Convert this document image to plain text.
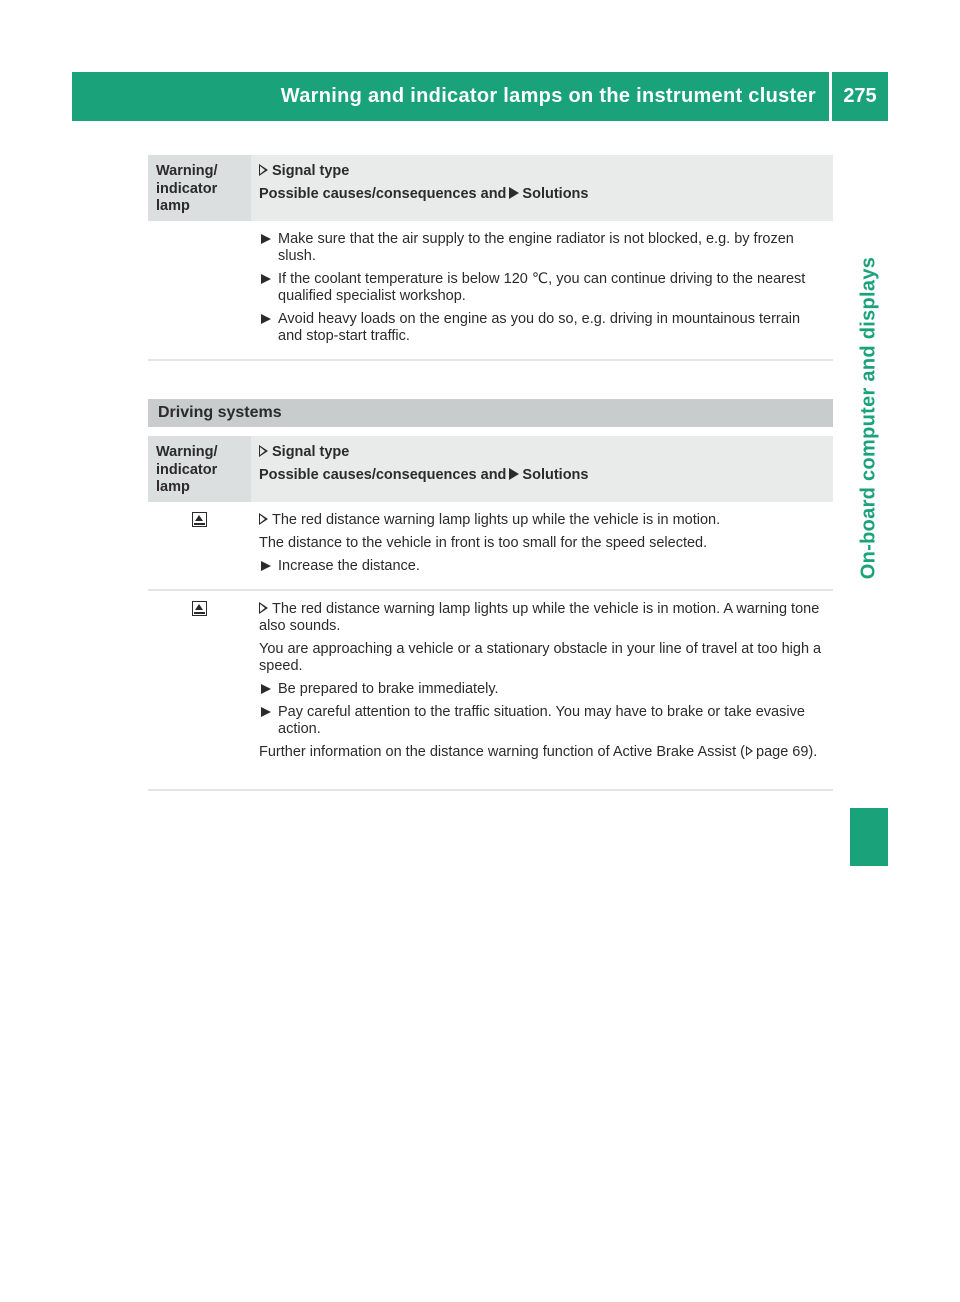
Warning and indicator lamps on the instrument cluster	275
On-board computer and displays
Warning/ indicator lamp

Signal type

Possible causes/consequences and Solutions

Make sure that the air supply to the engine radiator is not blocked, e.g. by frozen slush.
If the coolant temperature is below 120 ℃, you can continue driving to the nearest qualified specialist workshop.
Avoid heavy loads on the engine as you do so, e.g. driving in mountainous terrain and stop-start traffic.
Driving systems
Warning/ indicator lamp

Signal type

Possible causes/consequences and Solutions

The red distance warning lamp lights up while the vehicle is in motion.

The distance to the vehicle in front is too small for the speed selected.

Increase the distance.

The red distance warning lamp lights up while the vehicle is in motion. A warning tone also sounds.

You are approaching a vehicle or a stationary obstacle in your line of travel at too high a speed.

Be prepared to brake immediately.
Pay careful attention to the traffic situation. You may have to brake or take evasive action.

Further information on the distance warning function of Active Brake Assist ( page 69).
